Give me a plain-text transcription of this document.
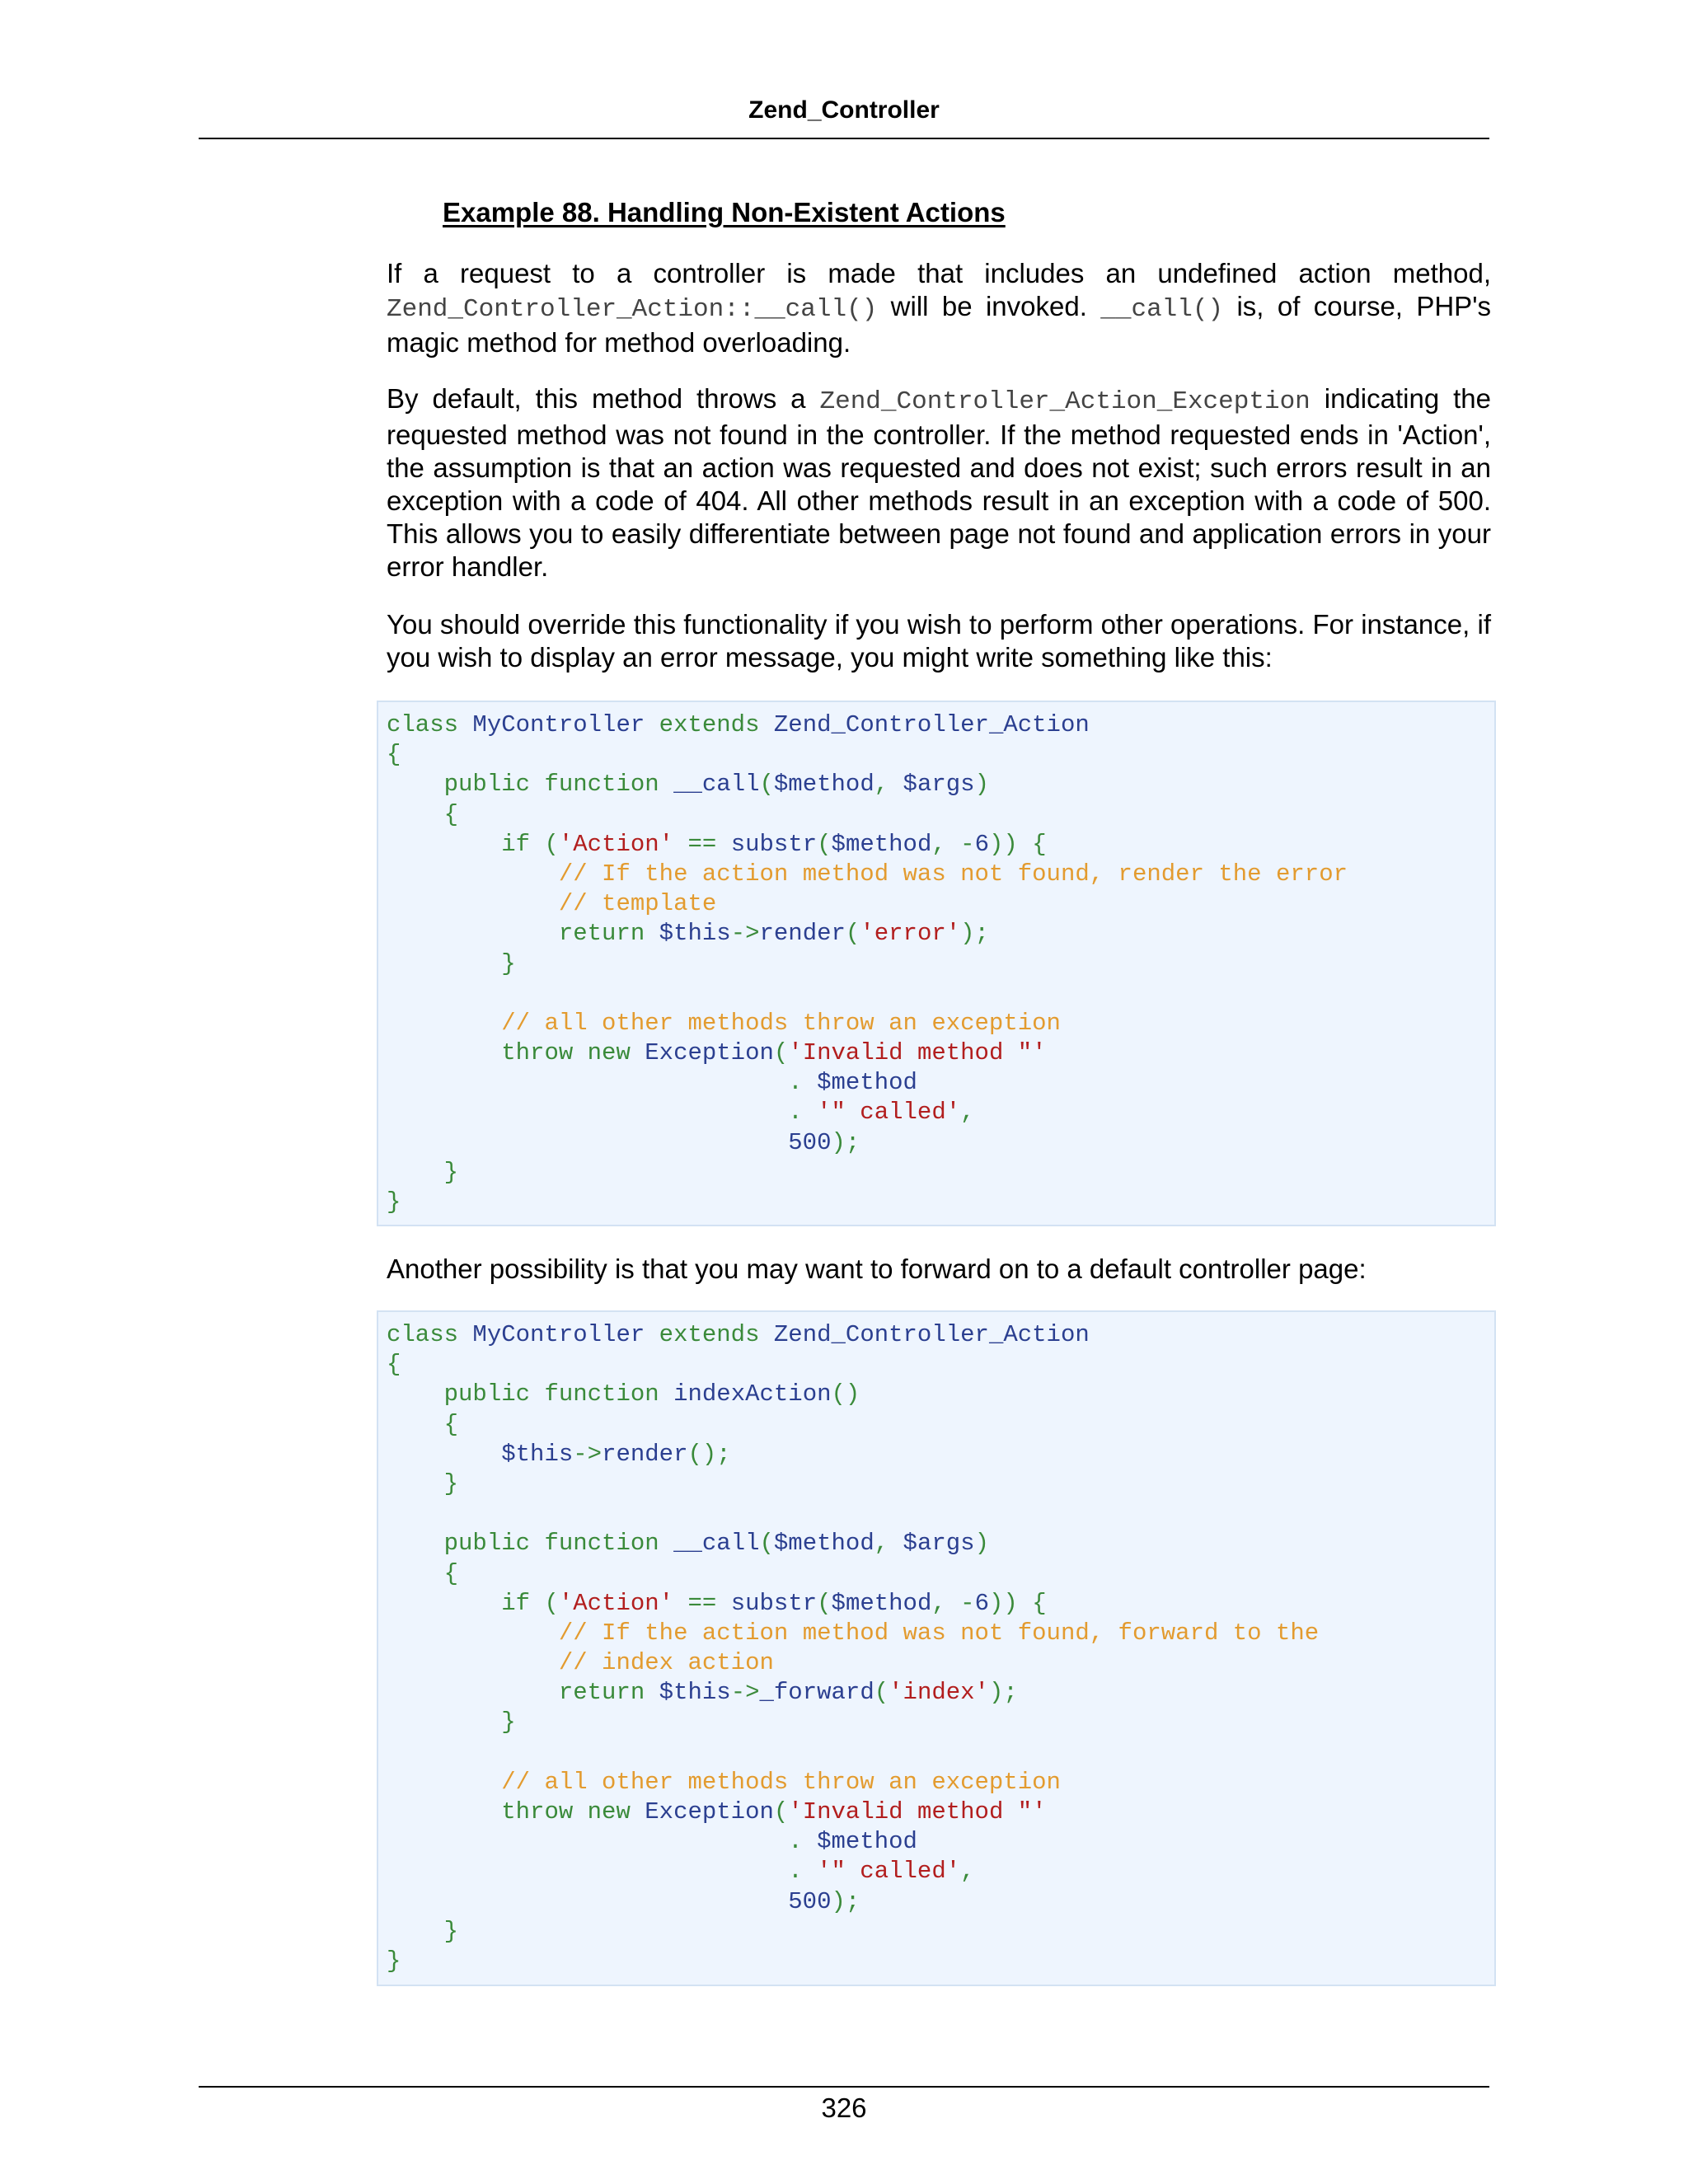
Zend_Controller
Example 88. Handling Non-Existent Actions

If a request to a controller is made that includes an undefined action method, Zend_Controller_Action::__call() will be invoked. __call() is, of course, PHP's magic method for method overloading.

By default, this method throws a Zend_Controller_Action_Exception indicating the requested method was not found in the controller. If the method requested ends in 'Action', the assumption is that an action was requested and does not exist; such errors result in an exception with a code of 404. All other methods result in an exception with a code of 500. This allows you to easily differentiate between page not found and application errors in your error handler.

You should override this functionality if you wish to perform other operations. For instance, if you wish to display an error message, you might write something like this:

class MyController extends Zend_Controller_Action
{
public function __call($method, $args)
{
if ('Action' == substr($method, -6)) {
// If the action method was not found, render the error
// template
return $this->render('error');
}
// all other methods throw an exception
throw new Exception('Invalid method "'
. $method
. '" called',
500);
}
}

Another possibility is that you may want to forward on to a default controller page:

class MyController extends Zend_Controller_Action
{
public function indexAction()
{
$this->render();
}
public function __call($method, $args)
{
if ('Action' == substr($method, -6)) {
// If the action method was not found, forward to the
// index action
return $this->_forward('index');
}
// all other methods throw an exception
throw new Exception('Invalid method "'
. $method
. '" called',
500);
}
}
326
